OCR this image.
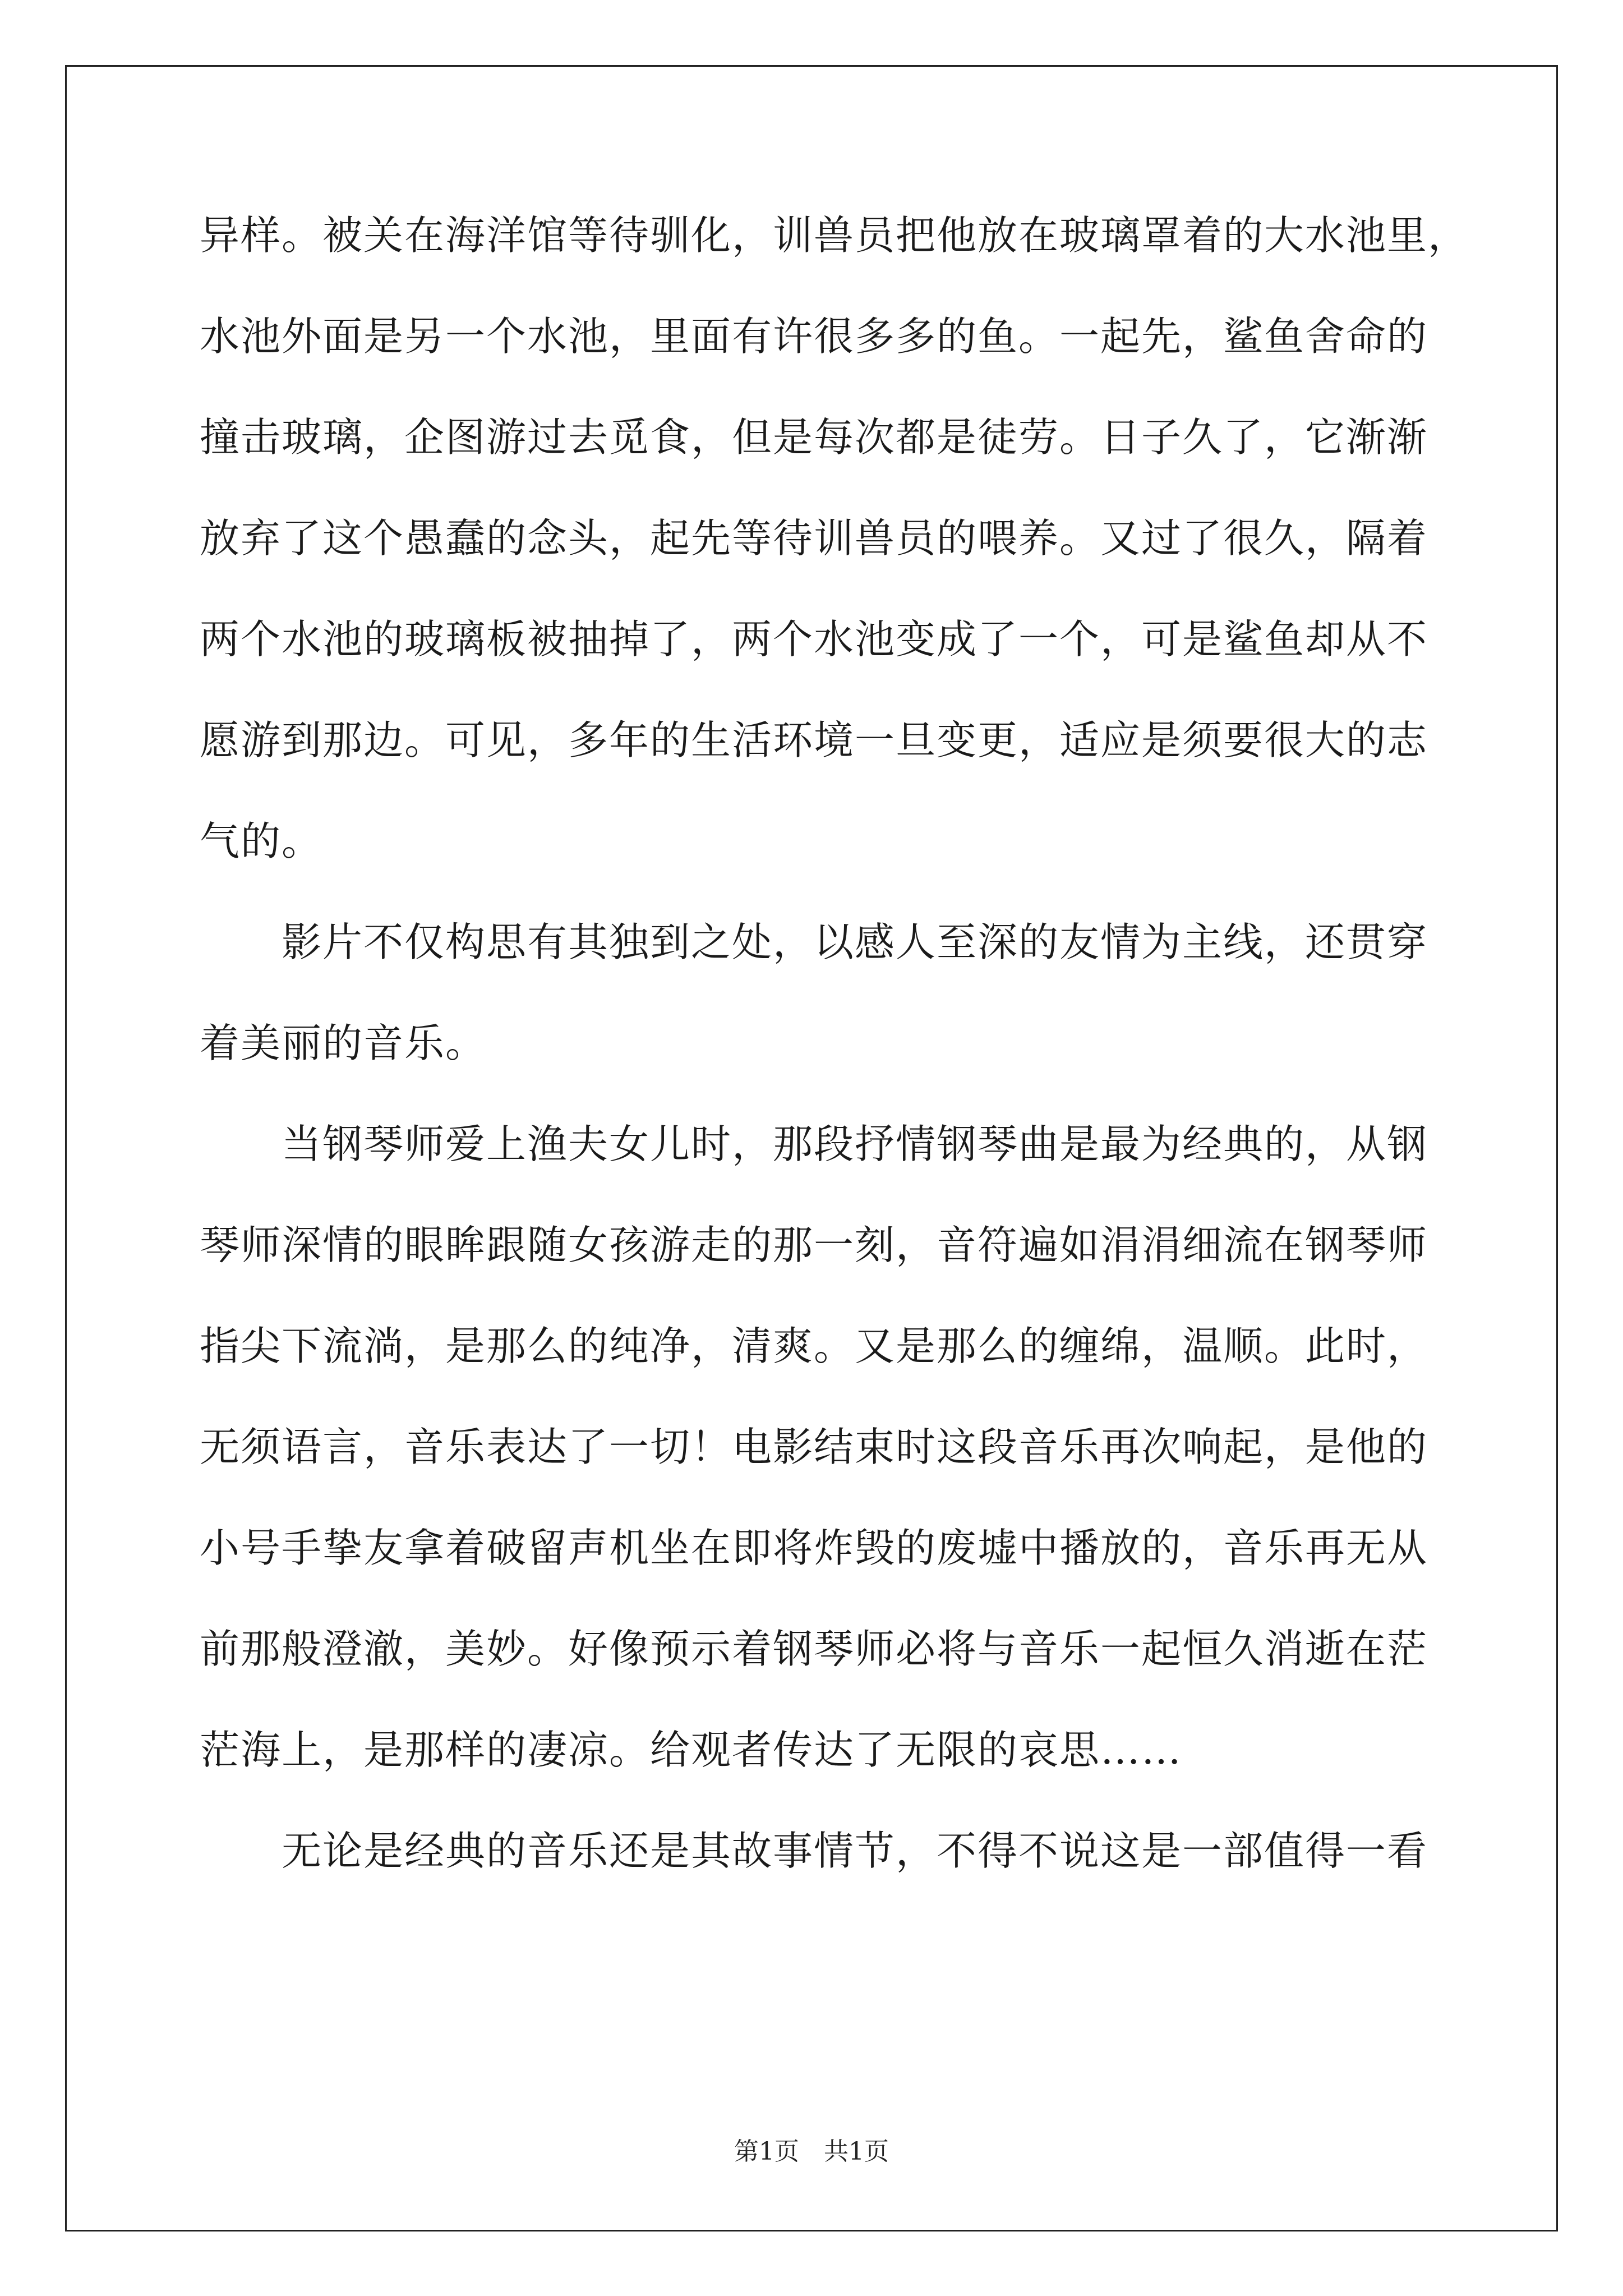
异样。被关在海洋馆等待驯化，训兽员把他放在玻璃罩着的大水池里，
水池外面是另一个水池，里面有许很多多的鱼。一起先，鲨鱼舍命的
撞击玻璃，企图游过去觅食，但是每次都是徒劳。日子久了，它渐渐
放弃了这个愚蠢的念头，起先等待训兽员的喂养。又过了很久，隔着
两个水池的玻璃板被抽掉了，两个水池变成了一个，可是鲨鱼却从不
愿游到那边。可见，多年的生活环境一旦变更，适应是须要很大的志
气的。
影片不仅构思有其独到之处，以感人至深的友情为主线，还贯穿
着美丽的音乐。
当钢琴师爱上渔夫女儿时，那段抒情钢琴曲是最为经典的，从钢
琴师深情的眼眸跟随女孩游走的那一刻，音符遍如涓涓细流在钢琴师
指尖下流淌，是那么的纯净，清爽。又是那么的缠绵，温顺。此时，
无须语言，音乐表达了一切！电影结束时这段音乐再次响起，是他的
小号手挚友拿着破留声机坐在即将炸毁的废墟中播放的，音乐再无从
前那般澄澈，美妙。好像预示着钢琴师必将与音乐一起恒久消逝在茫
茫海上，是那样的凄凉。给观者传达了无限的哀思……
无论是经典的音乐还是其故事情节，不得不说这是一部值得一看
第1页　共1页
